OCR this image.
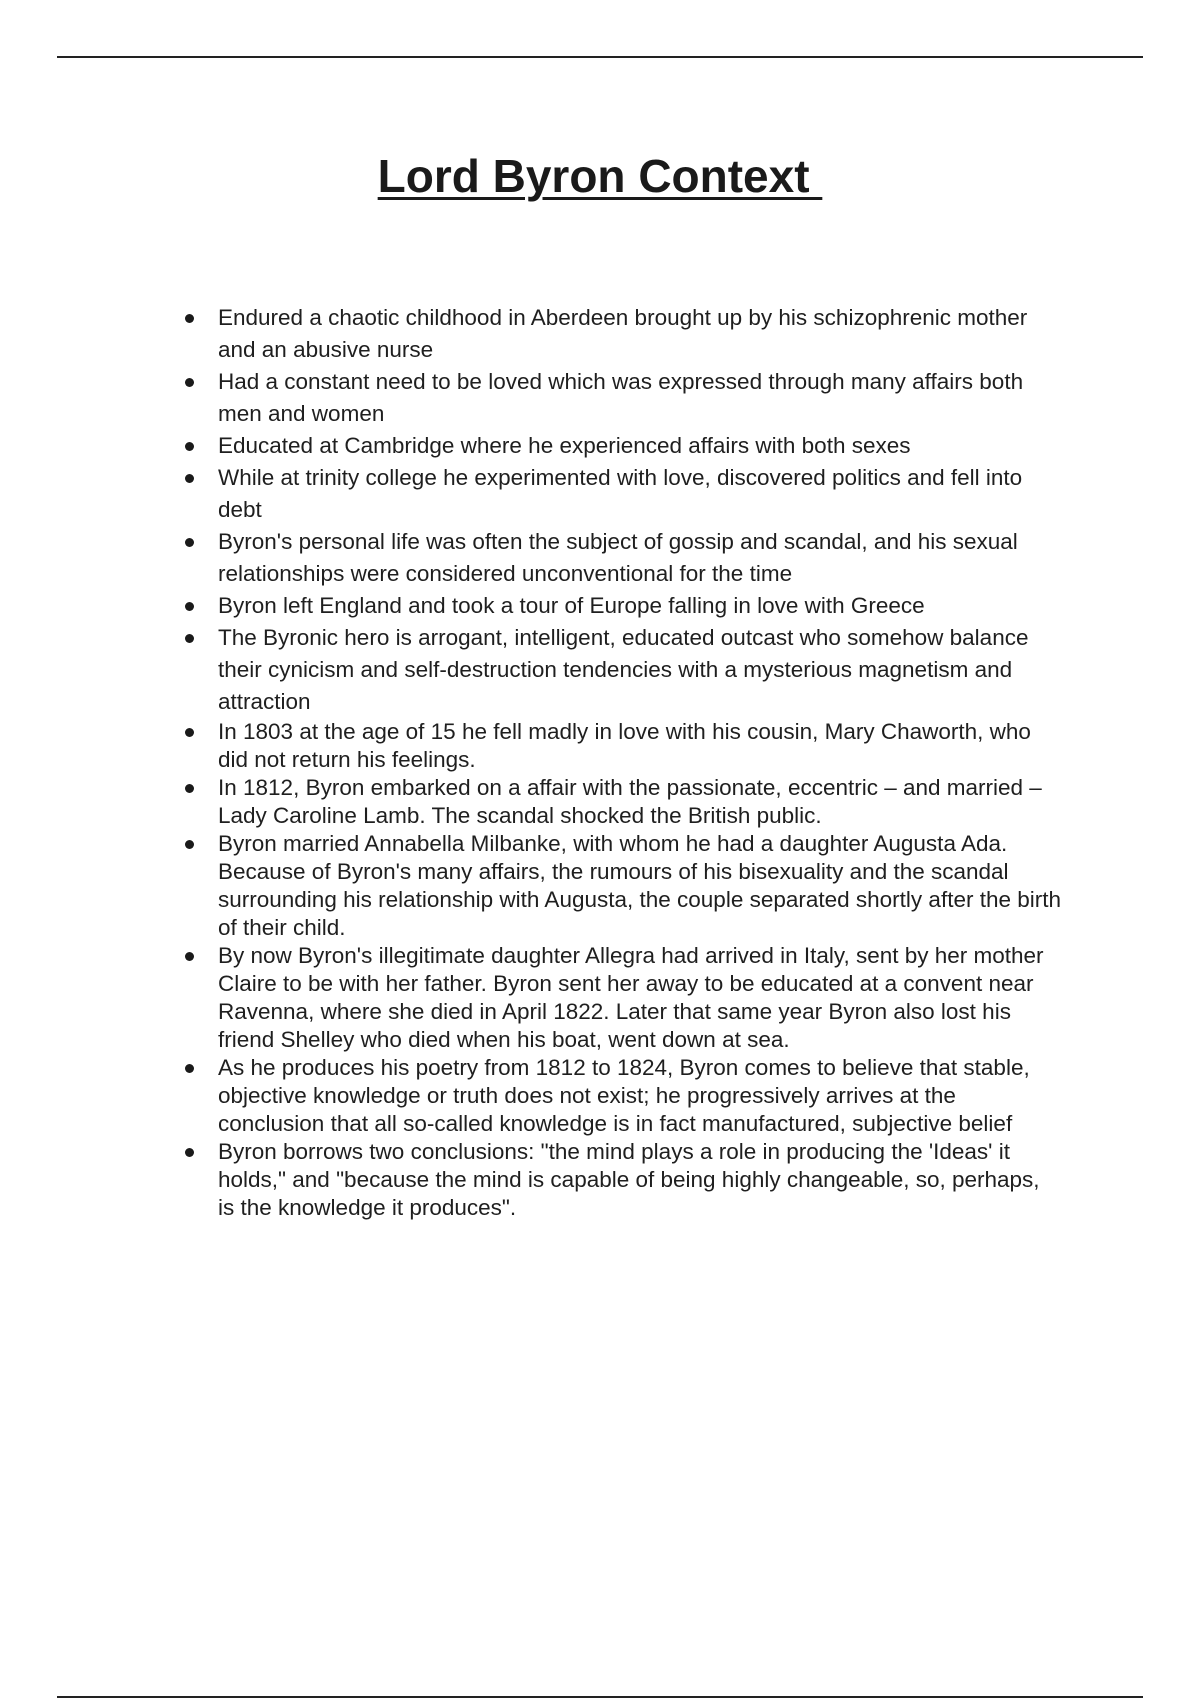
Lord Byron Context
Endured a chaotic childhood in Aberdeen brought up by his schizophrenic mother and an abusive nurse
Had a constant need to be loved which was expressed through many affairs both men and women
Educated at Cambridge where he experienced affairs with both sexes
While at trinity college he experimented with love, discovered politics and fell into debt
Byron's personal life was often the subject of gossip and scandal, and his sexual relationships were considered unconventional for the time
Byron left England and took a tour of Europe falling in love with Greece
The Byronic hero is arrogant, intelligent, educated outcast who somehow balance their cynicism and self-destruction tendencies with a mysterious magnetism and attraction
In 1803 at the age of 15 he fell madly in love with his cousin, Mary Chaworth, who did not return his feelings.
In 1812, Byron embarked on a affair with the passionate, eccentric – and married – Lady Caroline Lamb. The scandal shocked the British public.
Byron married Annabella Milbanke, with whom he had a daughter Augusta Ada. Because of Byron's many affairs, the rumours of his bisexuality and the scandal surrounding his relationship with Augusta, the couple separated shortly after the birth of their child.
By now Byron's illegitimate daughter Allegra had arrived in Italy, sent by her mother Claire to be with her father. Byron sent her away to be educated at a convent near Ravenna, where she died in April 1822. Later that same year Byron also lost his friend Shelley who died when his boat, went down at sea.
As he produces his poetry from 1812 to 1824, Byron comes to believe that stable, objective knowledge or truth does not exist; he progressively arrives at the conclusion that all so-called knowledge is in fact manufactured, subjective belief
Byron borrows two conclusions: "the mind plays a role in producing the 'Ideas' it holds," and "because the mind is capable of being highly changeable, so, perhaps, is the knowledge it produces".
